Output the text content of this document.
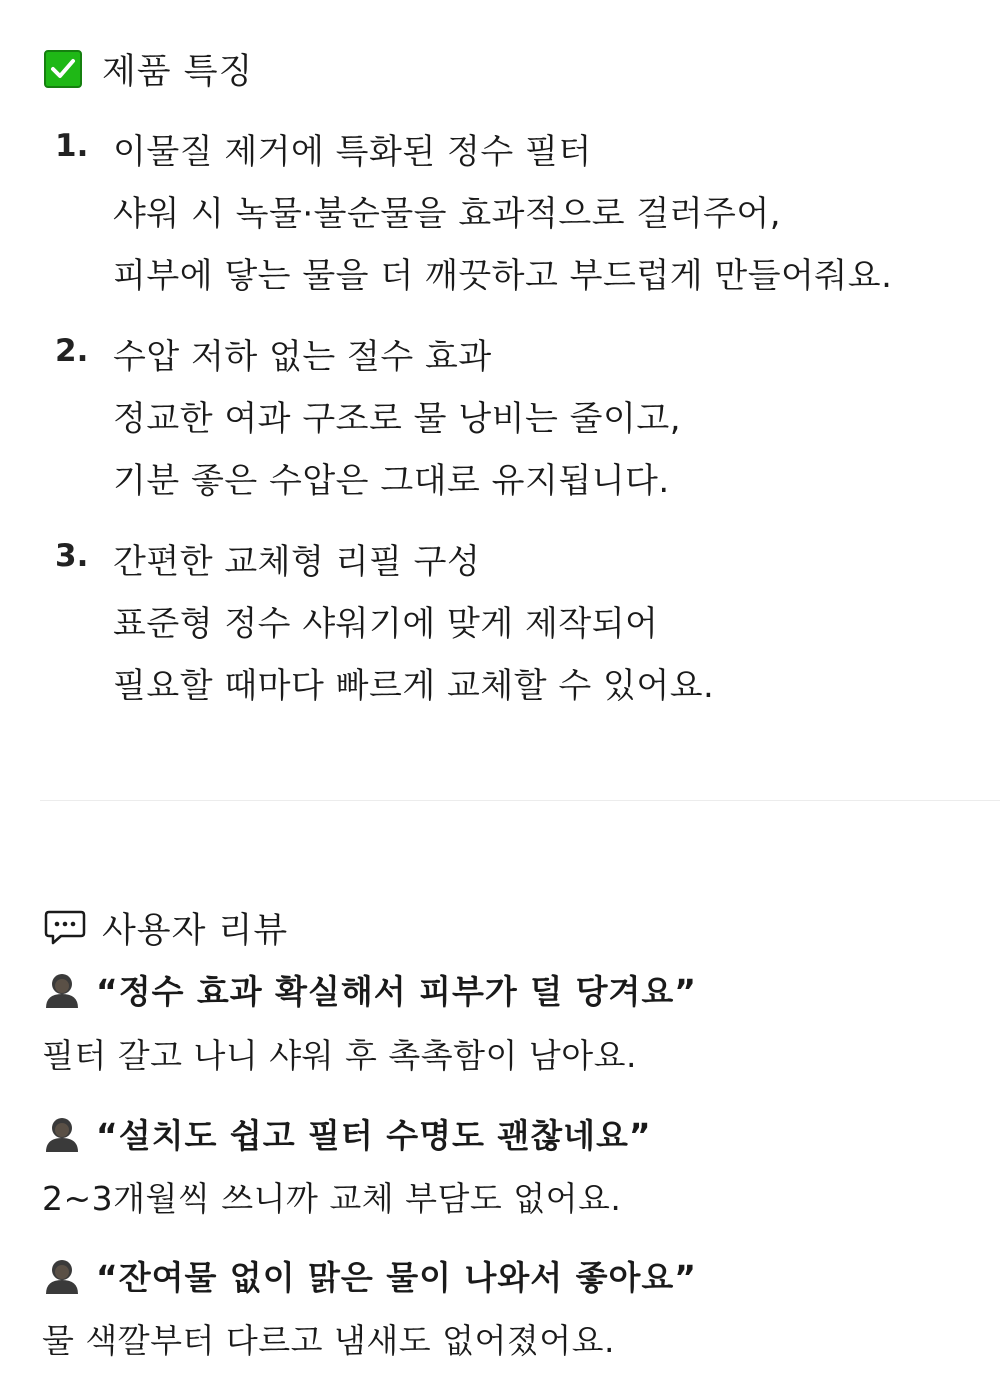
제품 특징
1. 이물질 제거에 특화된 정수 필터
샤워 시 녹물·불순물을 효과적으로 걸러주어,
피부에 닿는 물을 더 깨끗하고 부드럽게 만들어줘요.
2. 수압 저하 없는 절수 효과
정교한 여과 구조로 물 낭비는 줄이고,
기분 좋은 수압은 그대로 유지됩니다.
3. 간편한 교체형 리필 구성
표준형 정수 샤워기에 맞게 제작되어
필요할 때마다 빠르게 교체할 수 있어요.
사용자 리뷰
“정수 효과 확실해서 피부가 덜 당겨요”
필터 갈고 나니 샤워 후 촉촉함이 남아요.
“설치도 쉽고 필터 수명도 괜찮네요”
2~3개월씩 쓰니까 교체 부담도 없어요.
“잔여물 없이 맑은 물이 나와서 좋아요”
물 색깔부터 다르고 냄새도 없어졌어요.
